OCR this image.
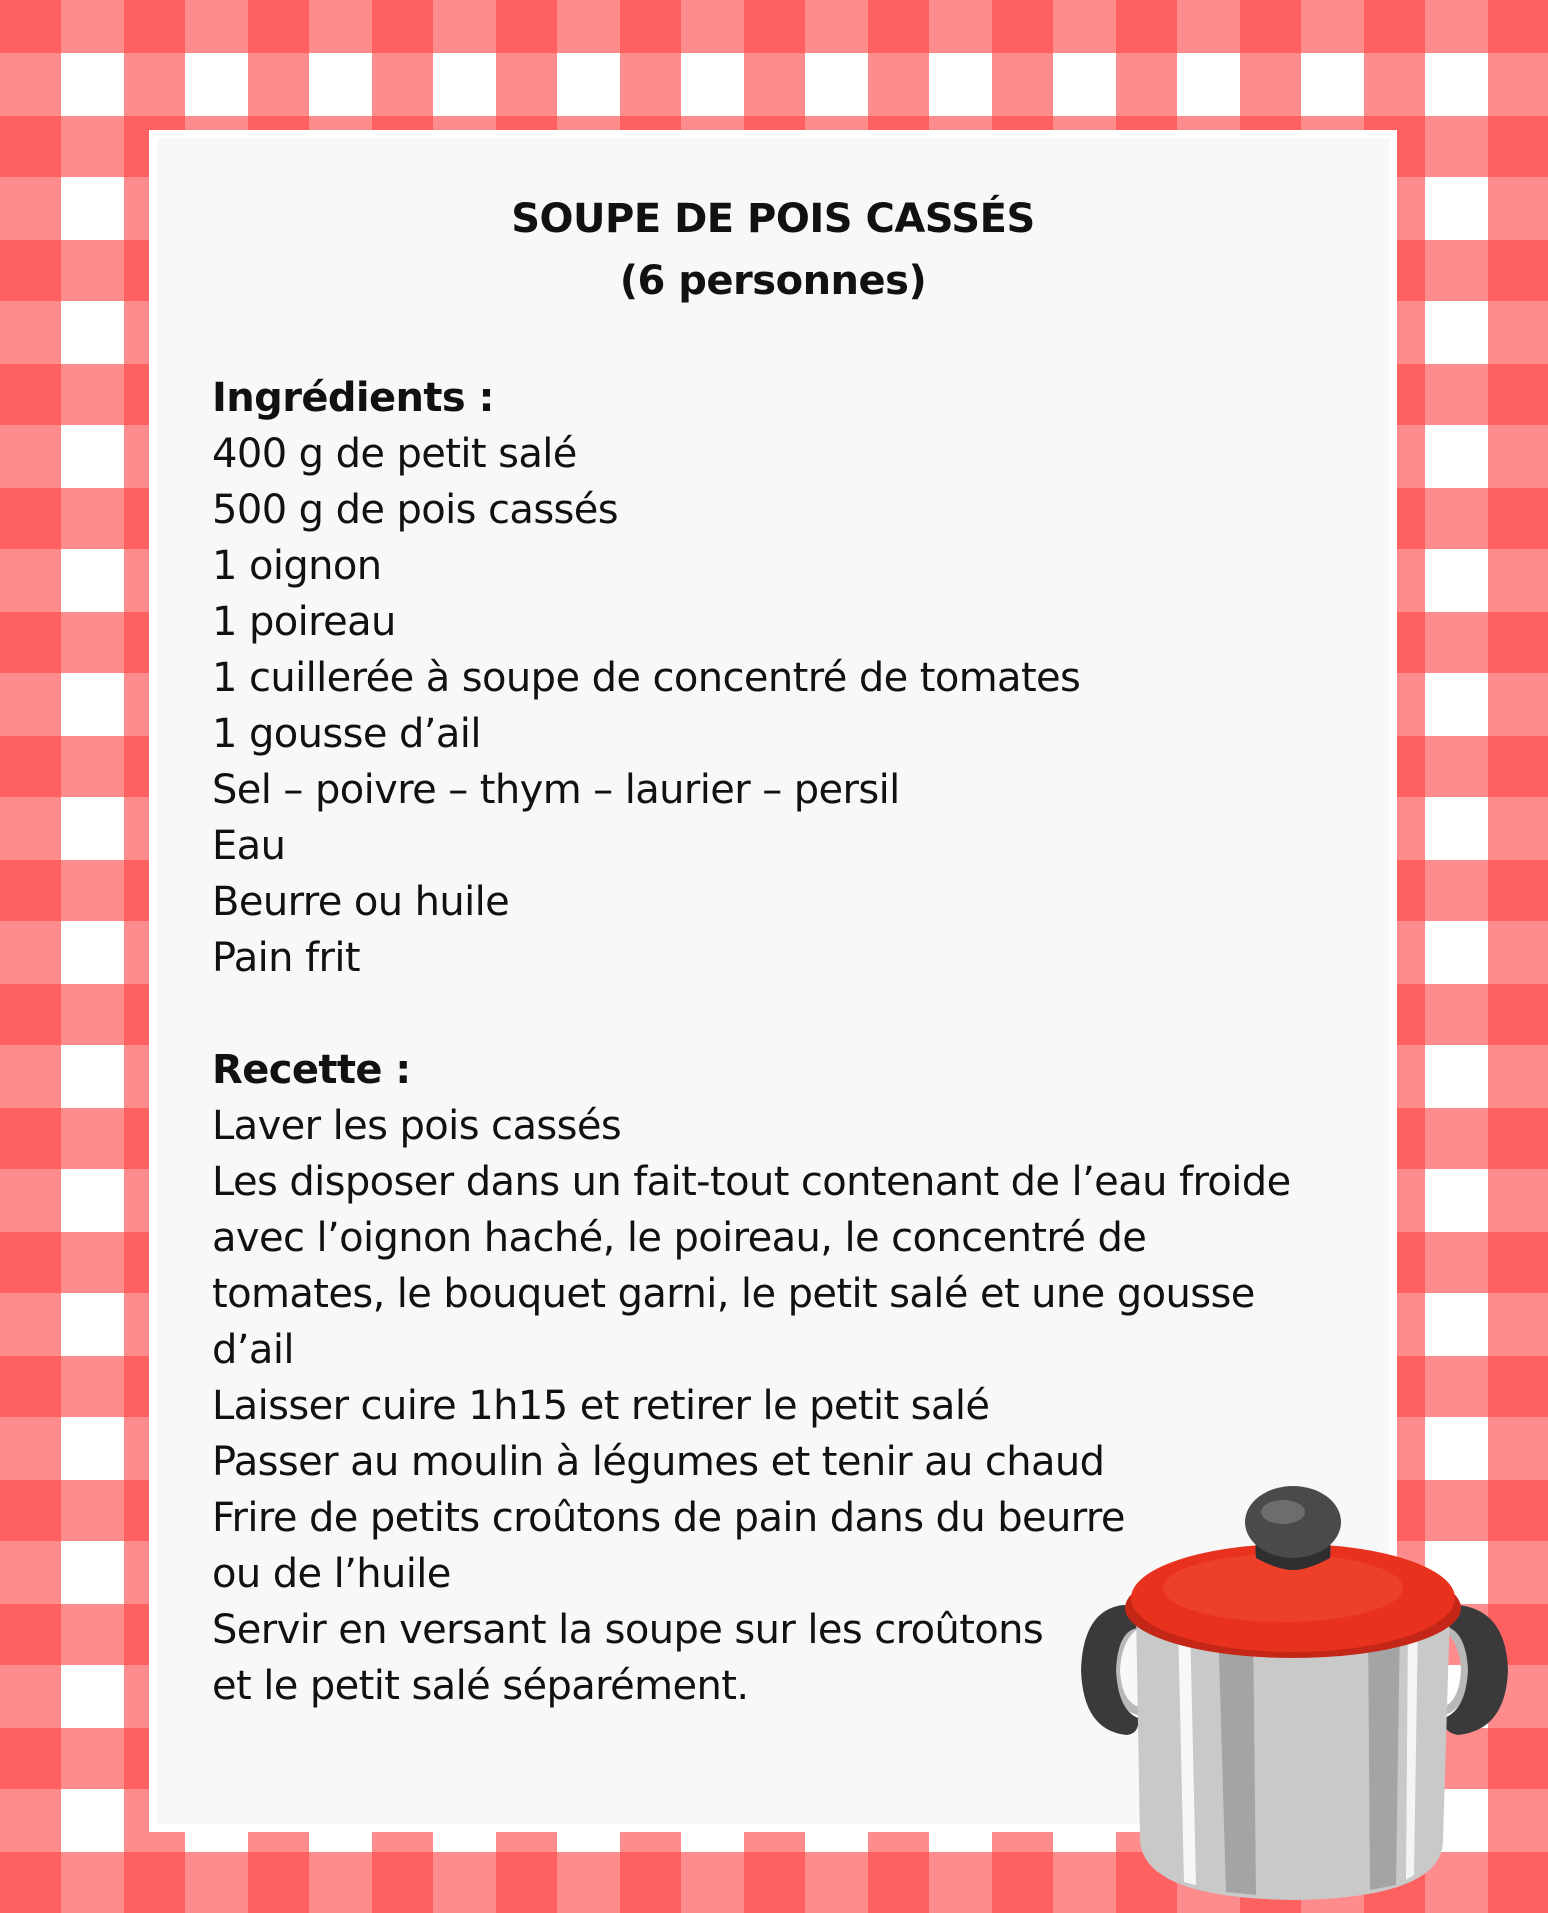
SOUPE DE POIS CASSÉS
(6 personnes)
Ingrédients :
400 g de petit salé
500 g de pois cassés
1 oignon
1 poireau
1 cuillerée à soupe de concentré de tomates
1 gousse d’ail
Sel – poivre – thym – laurier – persil
Eau
Beurre ou huile
Pain frit
Recette :
Laver les pois cassés
Les disposer dans un fait-tout contenant de l’eau froide
avec l’oignon haché, le poireau, le concentré de
tomates, le bouquet garni, le petit salé et une gousse
d’ail
Laisser cuire 1h15 et retirer le petit salé
Passer au moulin à légumes et tenir au chaud
Frire de petits croûtons de pain dans du beurre
ou de l’huile
Servir en versant la soupe sur les croûtons
et le petit salé séparément.
